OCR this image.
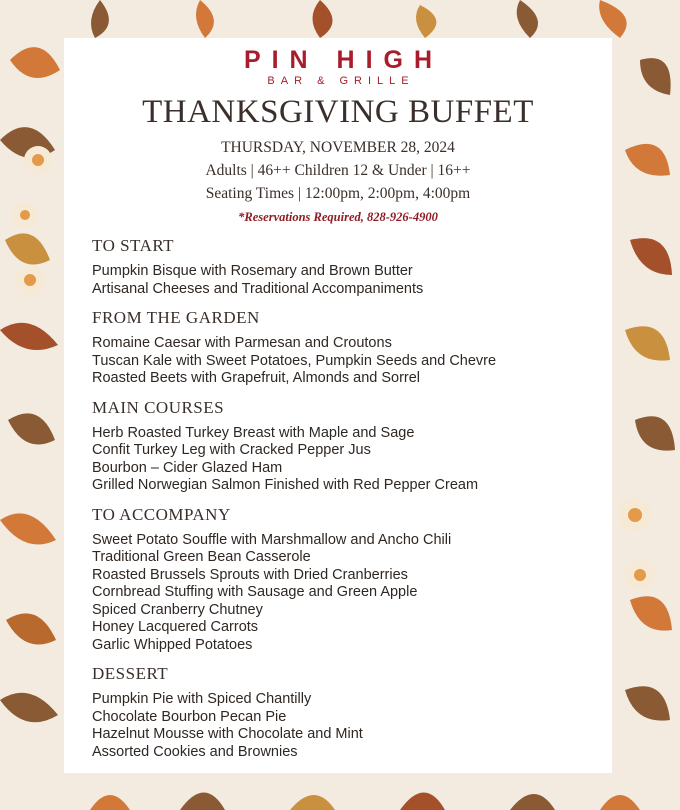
PIN HIGH
BAR & GRILLE
THANKSGIVING BUFFET
THURSDAY, NOVEMBER 28, 2024
Adults | 46++ Children 12 & Under | 16++
Seating Times | 12:00pm, 2:00pm, 4:00pm
*Reservations Required, 828-926-4900
TO START
Pumpkin Bisque with Rosemary and Brown Butter
Artisanal Cheeses and Traditional Accompaniments
FROM THE GARDEN
Romaine Caesar with Parmesan and Croutons
Tuscan Kale with Sweet Potatoes, Pumpkin Seeds and Chevre
Roasted Beets with Grapefruit, Almonds and Sorrel
MAIN COURSES
Herb Roasted Turkey Breast with Maple and Sage
Confit Turkey Leg with Cracked Pepper Jus
Bourbon – Cider Glazed Ham
Grilled Norwegian Salmon Finished with Red Pepper Cream
TO ACCOMPANY
Sweet Potato Souffle with Marshmallow and Ancho Chili
Traditional Green Bean Casserole
Roasted Brussels Sprouts with Dried Cranberries
Cornbread Stuffing with Sausage and Green Apple
Spiced Cranberry Chutney
Honey Lacquered Carrots
Garlic Whipped Potatoes
DESSERT
Pumpkin Pie with Spiced Chantilly
Chocolate Bourbon Pecan Pie
Hazelnut Mousse with Chocolate and Mint
Assorted Cookies and Brownies
